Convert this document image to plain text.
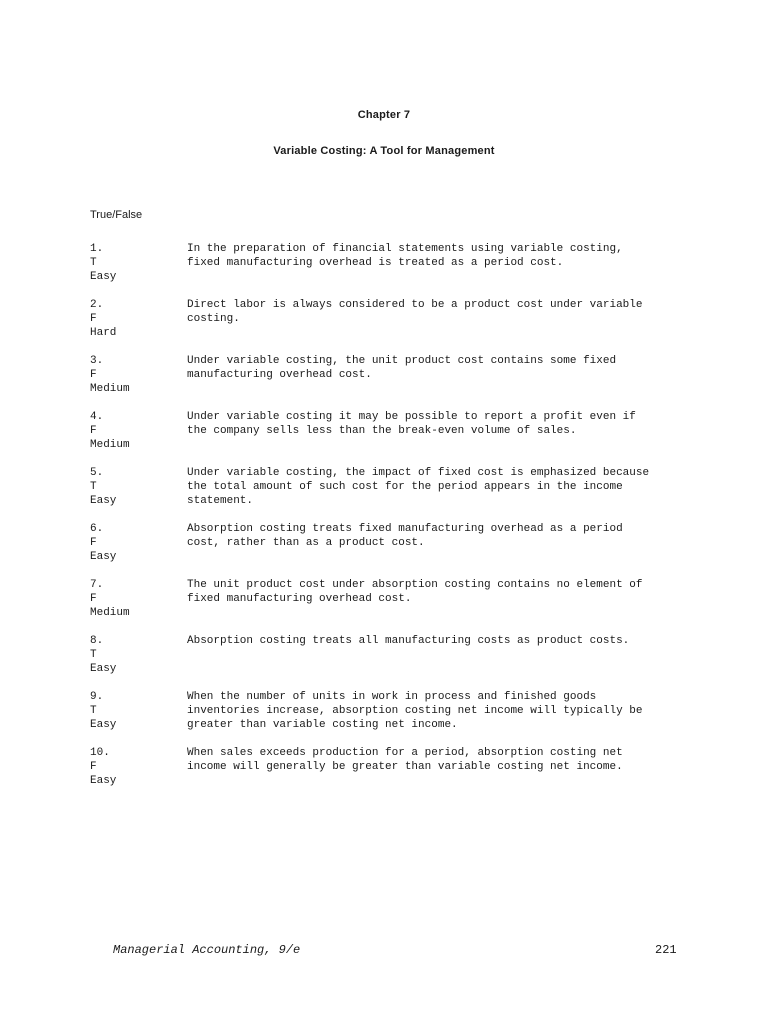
Chapter 7
Variable Costing: A Tool for Management
True/False
1.
T
Easy
In the preparation of financial statements using variable costing,
fixed manufacturing overhead is treated as a period cost.
2.
F
Hard
Direct labor is always considered to be a product cost under variable
costing.
3.
F
Medium
Under variable costing, the unit product cost contains some fixed
manufacturing overhead cost.
4.
F
Medium
Under variable costing it may be possible to report a profit even if
the company sells less than the break-even volume of sales.
5.
T
Easy
Under variable costing, the impact of fixed cost is emphasized because
the total amount of such cost for the period appears in the income
statement.
6.
F
Easy
Absorption costing treats fixed manufacturing overhead as a period
cost, rather than as a product cost.
7.
F
Medium
The unit product cost under absorption costing contains no element of
fixed manufacturing overhead cost.
8.
T
Easy
Absorption costing treats all manufacturing costs as product costs.
9.
T
Easy
When the number of units in work in process and finished goods
inventories increase, absorption costing net income will typically be
greater than variable costing net income.
10.
F
Easy
When sales exceeds production for a period, absorption costing net
income will generally be greater than variable costing net income.
Managerial Accounting, 9/e	221
